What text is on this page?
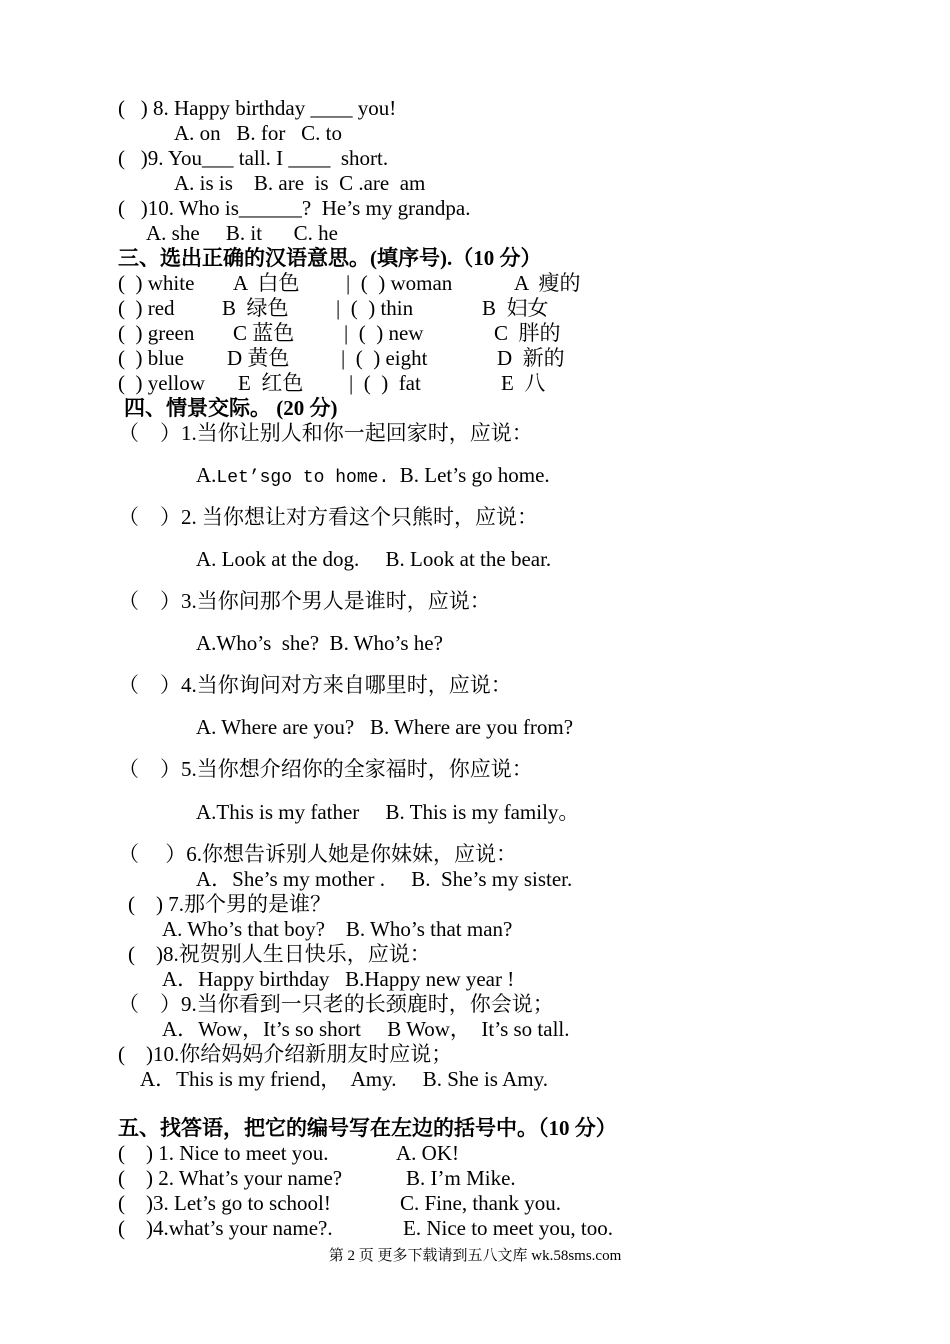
(   ) 8. Happy birthday ____ you!
A. on   B. for   C. to
(   )9. You___ tall. I ____  short.
A. is is    B. are  is  C .are  am
(   )10. Who is______?  He’s my grandpa.
A. she     B. it      C. he
三、选出正确的汉语意思。(填序号).（10 分）
(  ) white A  白色 |  (  ) woman	A  瘦的
(  ) red B  绿色 |  (  ) thin	B  妇女
(  ) green C 蓝色 |  (  ) new	C  胖的
(  ) blue D 黄色 |  (  ) eight	D  新的
(  ) yellow E  红色 |  (  )  fat	E  八
四、情景交际。 (20 分)
（    ）1.当你让别人和你一起回家时，应说：
A.Let’sgo to home.  B. Let’s go home.
（    ）2. 当你想让对方看这个只熊时，应说：
A. Look at the dog.     B. Look at the bear.
（    ）3.当你问那个男人是谁时，应说：
A.Who’s  she?  B. Who’s he?
（    ）4.当你询问对方来自哪里时，应说：
A. Where are you?   B. Where are you from?
（    ）5.当你想介绍你的全家福时，你应说：
A.This is my father     B. This is my family。
（     ）6.你想告诉别人她是你妹妹，应说：
A．She’s my mother .     B.  She’s my sister.
(    ) 7.那个男的是谁？
A. Who’s that boy?    B. Who’s that man?
(    )8.祝贺别人生日快乐，应说：
A．Happy birthday   B.Happy new year !
（    ）9.当你看到一只老的长颈鹿时，你会说；
A．Wow，It’s so short     B Wow，  It’s so tall.
(    )10.你给妈妈介绍新朋友时应说；
A．This is my friend，  Amy.     B. She is Amy.
五、找答语，把它的编号写在左边的括号中。（10 分）
(    ) 1. Nice to meet you.	A. OK!
(    ) 2. What’s your name?	B. I’m Mike.
(    )3. Let’s go to school!	C. Fine, thank you.
(    )4.what’s your name?.	E. Nice to meet you, too.
第 2 页 更多下载请到五八文库 wk.58sms.com
